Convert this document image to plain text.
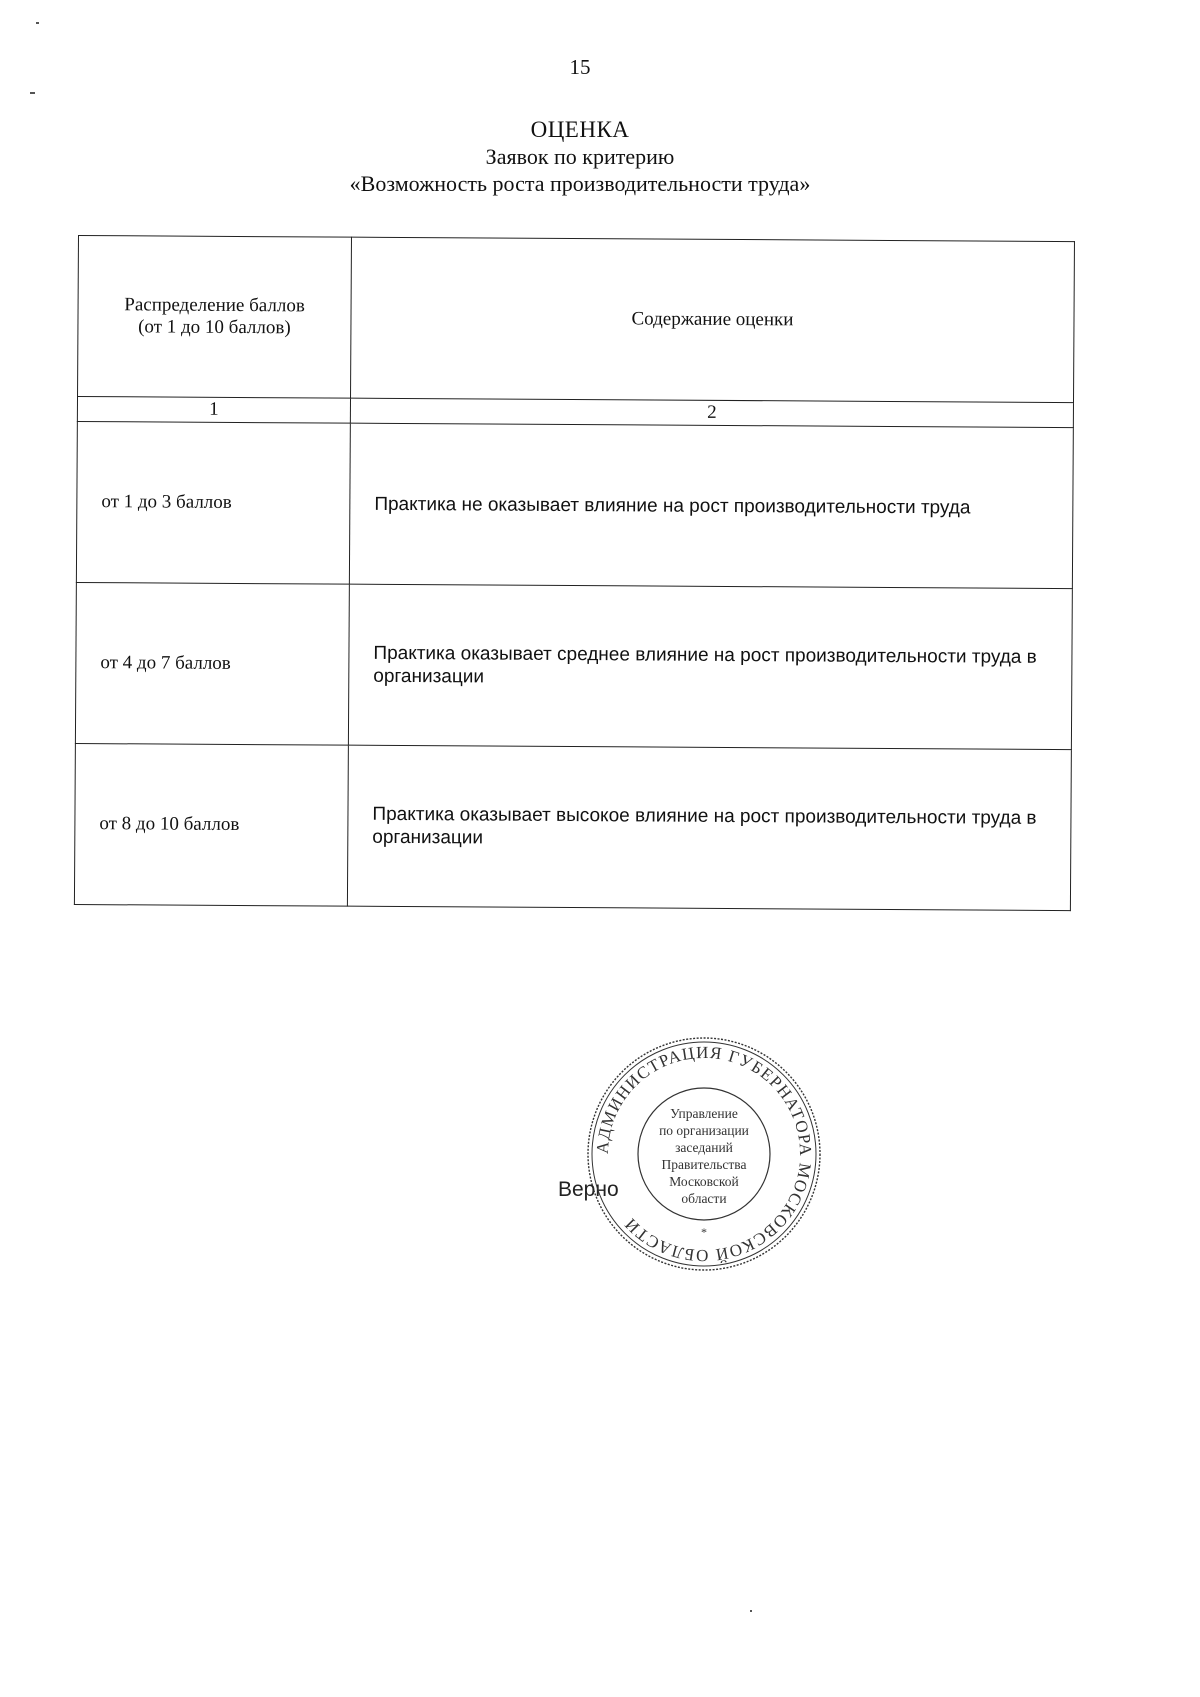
15
ОЦЕНКА
Заявок по критерию
«Возможность роста производительности труда»
Распределение баллов
(от 1 до 10 баллов)	Содержание оценки
1	2
от 1 до 3 баллов	Практика не оказывает влияние на рост производительности труда
от 4 до 7 баллов	Практика оказывает среднее влияние на рост производительности труда в организации
от 8 до 10 баллов	Практика оказывает высокое влияние на рост производительности труда в организации
Верно
АДМИНИСТРАЦИЯ ГУБЕРНАТОРА МОСКОВСКОЙ ОБЛАСТИ	*
Управление
по организации
заседаний
Правительства
Московской
области
